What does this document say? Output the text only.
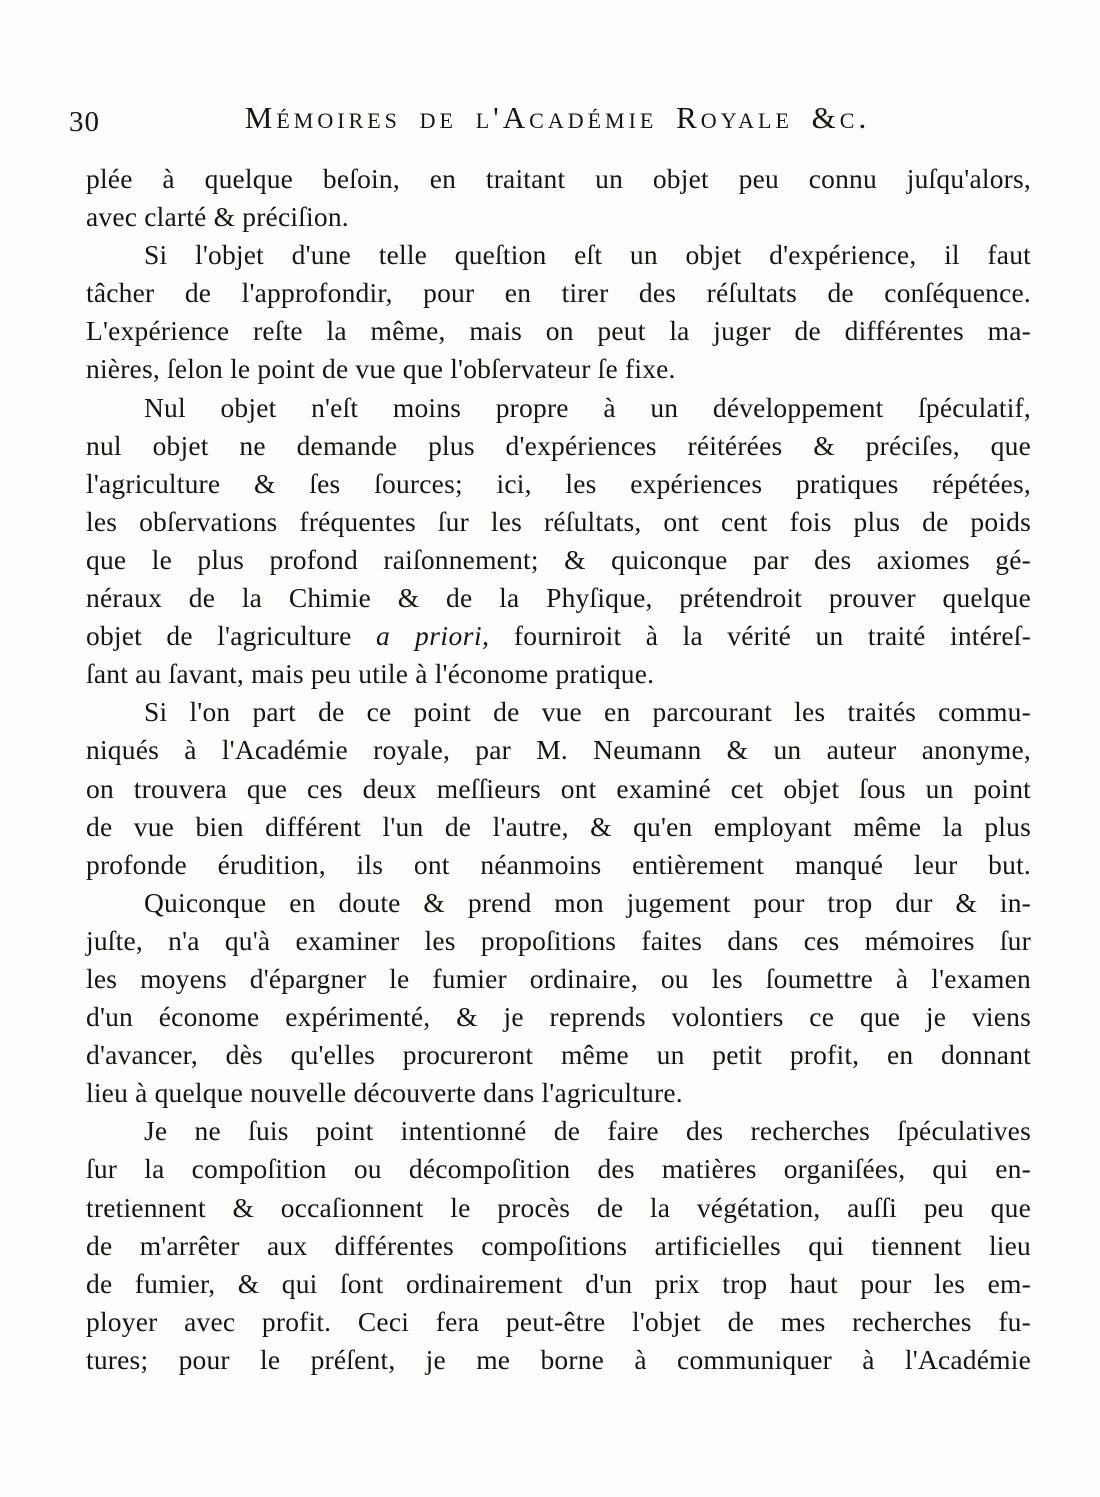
30	Mémoires de l'Académie Royale &c.
plée à quelque beſoin, en traitant un objet peu connu juſqu'alors,
avec clarté & préciſion.
Si l'objet d'une telle queſtion eſt un objet d'expérience, il faut
tâcher de l'approfondir, pour en tirer des réſultats de conſéquence.
L'expérience reſte la même, mais on peut la juger de différentes ma-
nières, ſelon le point de vue que l'obſervateur ſe fixe.
Nul objet n'eſt moins propre à un développement ſpéculatif,
nul objet ne demande plus d'expériences réitérées & préciſes, que
l'agriculture & ſes ſources; ici, les expériences pratiques répétées,
les obſervations fréquentes ſur les réſultats, ont cent fois plus de poids
que le plus profond raiſonnement; & quiconque par des axiomes gé-
néraux de la Chimie & de la Phyſique, prétendroit prouver quelque
objet de l'agriculture a priori, fourniroit à la vérité un traité intéreſ-
ſant au ſavant, mais peu utile à l'économe pratique.
Si l'on part de ce point de vue en parcourant les traités commu-
niqués à l'Académie royale, par M. Neumann & un auteur anonyme,
on trouvera que ces deux meſſieurs ont examiné cet objet ſous un point
de vue bien différent l'un de l'autre, & qu'en employant même la plus
profonde érudition, ils ont néanmoins entièrement manqué leur but.
Quiconque en doute & prend mon jugement pour trop dur & in-
juſte, n'a qu'à examiner les propoſitions faites dans ces mémoires ſur
les moyens d'épargner le fumier ordinaire, ou les ſoumettre à l'examen
d'un économe expérimenté, & je reprends volontiers ce que je viens
d'avancer, dès qu'elles procureront même un petit profit, en donnant
lieu à quelque nouvelle découverte dans l'agriculture.
Je ne ſuis point intentionné de faire des recherches ſpéculatives
ſur la compoſition ou décompoſition des matières organiſées, qui en-
tretiennent & occaſionnent le procès de la végétation, auſſi peu que
de m'arrêter aux différentes compoſitions artificielles qui tiennent lieu
de fumier, & qui ſont ordinairement d'un prix trop haut pour les em-
ployer avec profit. Ceci fera peut-être l'objet de mes recherches fu-
tures; pour le préſent, je me borne à communiquer à l'Académie
